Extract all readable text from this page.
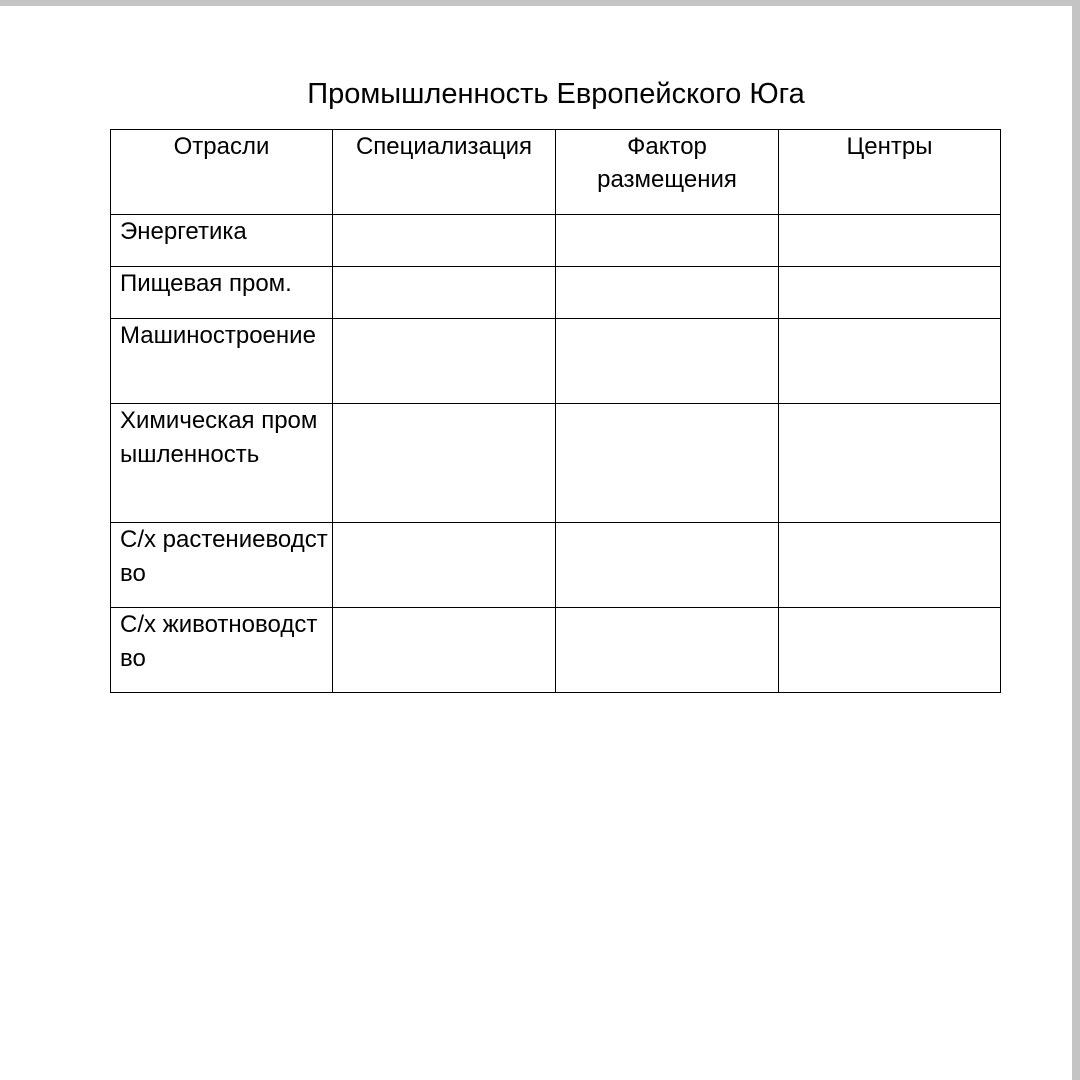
Промышленность Европейского Юга
Отрасли	Специализация	Фактор размещения	Центры

Энергетика			

Пищевая пром.			

Машиностроение			

Химическая промышленность			

С/х растениеводство			

С/х животноводство			
